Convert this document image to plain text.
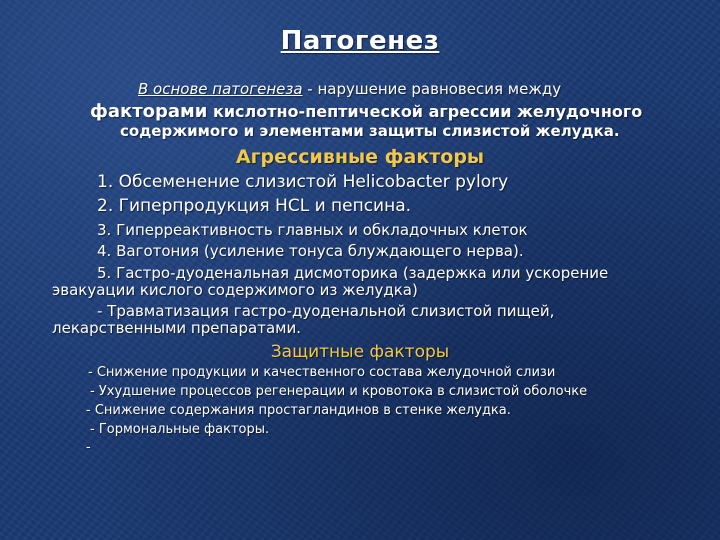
Патогенез
В основе патогенеза - нарушение равновесия между
факторами кислотно-пептической агрессии желудочного
содержимого и элементами защиты слизистой желудка.
Агрессивные факторы
1. Обсеменение слизистой Helicobacter pylory
2. Гиперпродукция HCL и пепсина.
3. Гиперреактивность главных и обкладочных клеток
4. Ваготония (усиление тонуса блуждающего нерва).
5. Гастро-дуоденальная дисмоторика (задержка или ускорение
эвакуации кислого содержимого из желудка)
- Травматизация гастро-дуоденальной слизистой пищей,
лекарственными препаратами.
Защитные факторы
- Снижение продукции и качественного состава желудочной слизи
- Ухудшение процессов регенерации и кровотока в слизистой оболочке
- Снижение содержания простагландинов в стенке желудка.
- Гормональные факторы.
-
